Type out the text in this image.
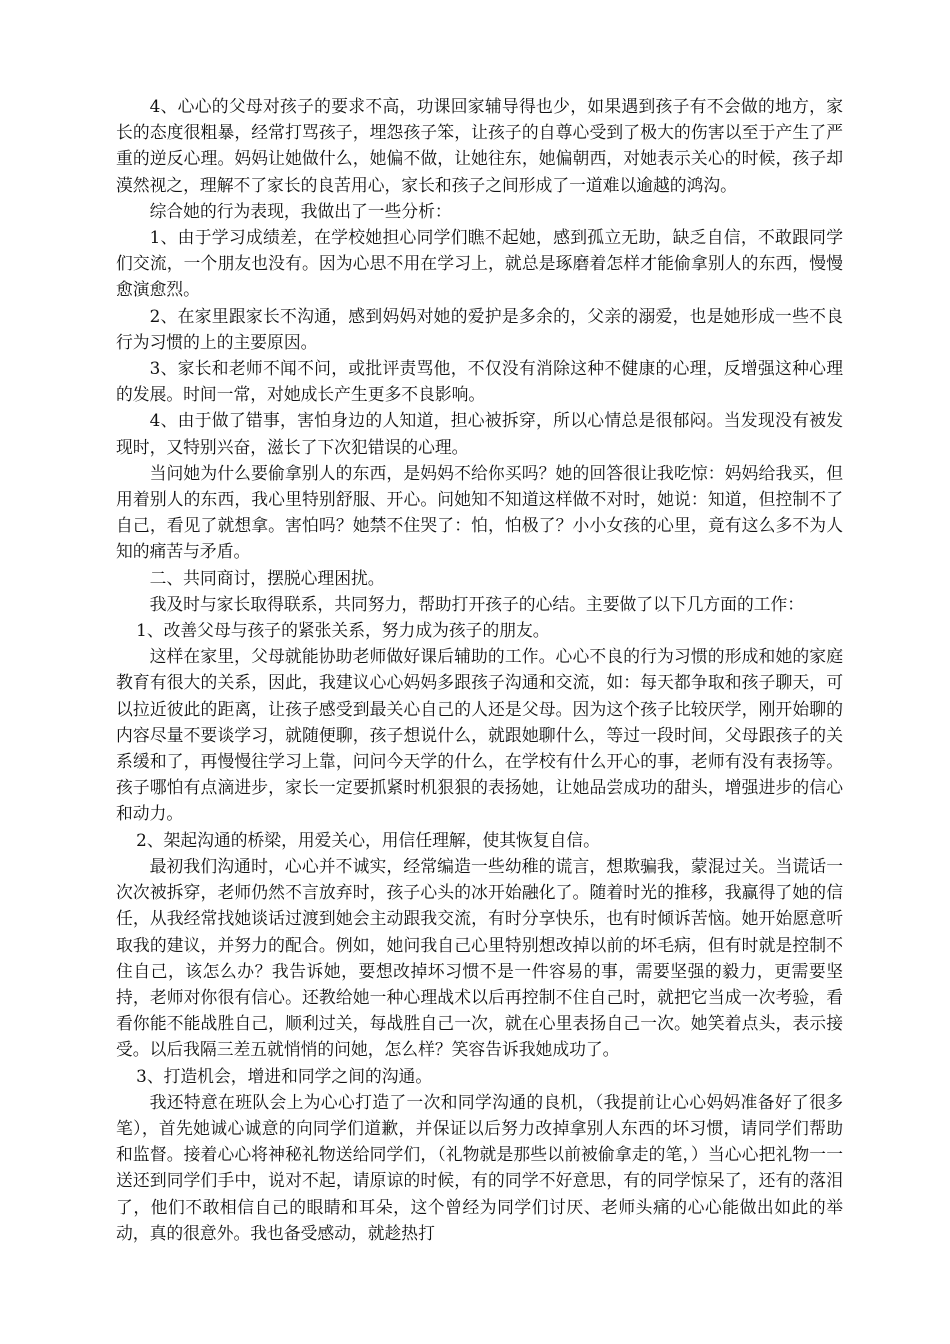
4、心心的父母对孩子的要求不高，功课回家辅导得也少，如果遇到孩子有不会做的地方，家长的态度很粗暴，经常打骂孩子，埋怨孩子笨，让孩子的自尊心受到了极大的伤害以至于产生了严重的逆反心理。妈妈让她做什么，她偏不做，让她往东，她偏朝西，对她表示关心的时候，孩子却漠然视之，理解不了家长的良苦用心，家长和孩子之间形成了一道难以逾越的鸿沟。

综合她的行为表现，我做出了一些分析：

1、由于学习成绩差，在学校她担心同学们瞧不起她，感到孤立无助，缺乏自信，不敢跟同学们交流，一个朋友也没有。因为心思不用在学习上，就总是琢磨着怎样才能偷拿别人的东西，慢慢愈演愈烈。

2、在家里跟家长不沟通，感到妈妈对她的爱护是多余的，父亲的溺爱，也是她形成一些不良行为习惯的上的主要原因。

3、家长和老师不闻不问，或批评责骂他，不仅没有消除这种不健康的心理，反增强这种心理的发展。时间一常，对她成长产生更多不良影响。

4、由于做了错事，害怕身边的人知道，担心被拆穿，所以心情总是很郁闷。当发现没有被发现时，又特别兴奋，滋长了下次犯错误的心理。

当问她为什么要偷拿别人的东西，是妈妈不给你买吗？她的回答很让我吃惊：妈妈给我买，但用着别人的东西，我心里特别舒服、开心。问她知不知道这样做不对时，她说：知道，但控制不了自己，看见了就想拿。害怕吗？她禁不住哭了：怕，怕极了？小小女孩的心里，竟有这么多不为人知的痛苦与矛盾。

二、共同商讨，摆脱心理困扰。

我及时与家长取得联系，共同努力，帮助打开孩子的心结。主要做了以下几方面的工作：

1、改善父母与孩子的紧张关系，努力成为孩子的朋友。

这样在家里，父母就能协助老师做好课后辅助的工作。心心不良的行为习惯的形成和她的家庭教育有很大的关系，因此，我建议心心妈妈多跟孩子沟通和交流，如：每天都争取和孩子聊天，可以拉近彼此的距离，让孩子感受到最关心自己的人还是父母。因为这个孩子比较厌学，刚开始聊的内容尽量不要谈学习，就随便聊，孩子想说什么，就跟她聊什么，等过一段时间，父母跟孩子的关系缓和了，再慢慢往学习上靠，问问今天学的什么，在学校有什么开心的事，老师有没有表扬等。孩子哪怕有点滴进步，家长一定要抓紧时机狠狠的表扬她，让她品尝成功的甜头，增强进步的信心和动力。

2、架起沟通的桥梁，用爱关心，用信任理解，使其恢复自信。

最初我们沟通时，心心并不诚实，经常编造一些幼稚的谎言，想欺骗我，蒙混过关。当谎话一次次被拆穿，老师仍然不言放弃时，孩子心头的冰开始融化了。随着时光的推移，我赢得了她的信任，从我经常找她谈话过渡到她会主动跟我交流，有时分享快乐，也有时倾诉苦恼。她开始愿意听取我的建议，并努力的配合。例如，她问我自己心里特别想改掉以前的坏毛病，但有时就是控制不住自己，该怎么办？我告诉她，要想改掉坏习惯不是一件容易的事，需要坚强的毅力，更需要坚持，老师对你很有信心。还教给她一种心理战术以后再控制不住自己时，就把它当成一次考验，看看你能不能战胜自己，顺利过关，每战胜自己一次，就在心里表扬自己一次。她笑着点头，表示接受。以后我隔三差五就悄悄的问她，怎么样？笑容告诉我她成功了。

3、打造机会，增进和同学之间的沟通。

我还特意在班队会上为心心打造了一次和同学沟通的良机，（我提前让心心妈妈准备好了很多笔），首先她诚心诚意的向同学们道歉，并保证以后努力改掉拿别人东西的坏习惯，请同学们帮助和监督。接着心心将神秘礼物送给同学们，（礼物就是那些以前被偷拿走的笔，）当心心把礼物一一送还到同学们手中，说对不起，请原谅的时候，有的同学不好意思，有的同学惊呆了，还有的落泪了，他们不敢相信自己的眼睛和耳朵，这个曾经为同学们讨厌、老师头痛的心心能做出如此的举动，真的很意外。我也备受感动，就趁热打
